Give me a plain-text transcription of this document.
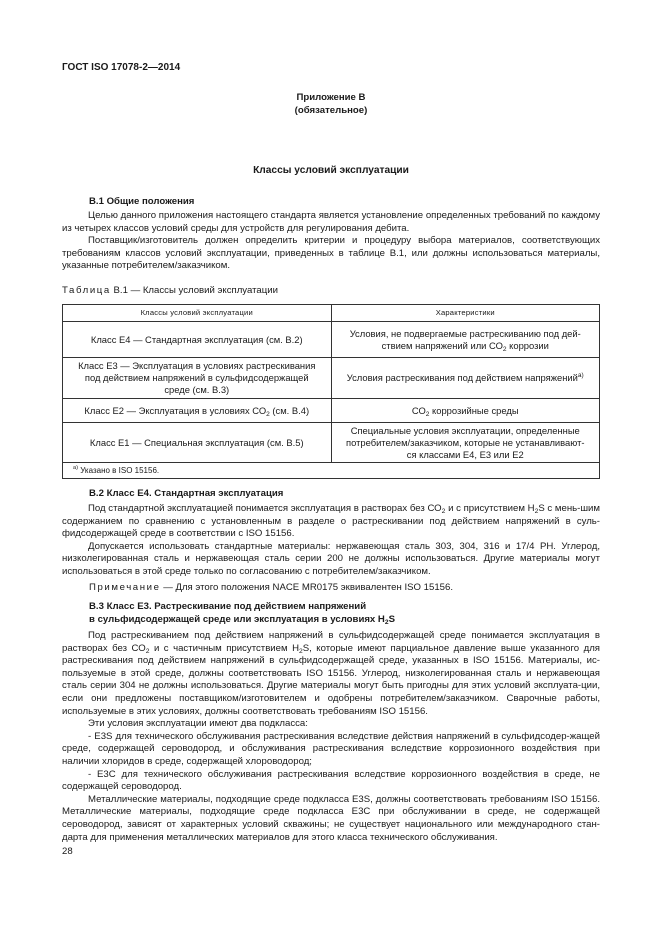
ГОСТ ISO 17078-2—2014
Приложение В
(обязательное)
Классы условий эксплуатации
В.1 Общие положения

Целью данного приложения настоящего стандарта является установление определенных требований по каждому из четырех классов условий среды для устройств для регулирования дебита.

Поставщик/изготовитель должен определить критерии и процедуру выбора материалов, соответствующих требованиям классов условий эксплуатации, приведенных в таблице В.1, или должны использоваться материалы, указанные потребителем/заказчиком.

Таблица В.1 — Классы условий эксплуатации
Классы условий эксплуатации	Характеристики
Класс Е4 — Стандартная эксплуатация (см. В.2)	Условия, не подвергаемые растрескиванию под дей-
ствием напряжений или $СО_2$ коррозии
Класс Е3 — Эксплуатация в условиях растрескивания
под действием напряжений в сульфидсодержащей
среде (см. В.3)	Условия растрескивания под действием напряжений$^{а)}$
Класс Е2 — Эксплуатация в условиях $СО_2$ (см. В.4)	$СО_2$ коррозийные среды
Класс Е1 — Специальная эксплуатация (см. В.5)	Специальные условия эксплуатации, определенные
потребителем/заказчиком, которые не устанавливают-
ся классами Е4, Е3 или Е2
$^{а)}$ Указано в ISO 15156.	
В.2 Класс Е4. Стандартная эксплуатация

Под стандартной эксплуатацией понимается эксплуатация в растворах без $СО_2$ и с присутствием $H_2S$ с мень-шим содержанием по сравнению с установленным в разделе о растрескивании под действием напряжений в суль-фидсодержащей среде в соответствии с ISO 15156.

Допускается использовать стандартные материалы: нержавеющая сталь 303, 304, 316 и 17/4 PH. Углерод, низколегированная сталь и нержавеющая сталь серии 200 не должны использоваться. Другие материалы могут использоваться в этой среде только по согласованию с потребителем/заказчиком.

Примечание — Для этого положения NACE MR0175 эквивалентен ISO 15156.
В.3 Класс Е3. Растрескивание под действием напряжений
в сульфидсодержащей среде или эксплуатация в условиях $H_2S$

Под растрескиванием под действием напряжений в сульфидсодержащей среде понимается эксплуатация в растворах без $СО_2$ и с частичным присутствием $H_2S$, которые имеют парциальное давление выше указанного для растрескивания под действием напряжений в сульфидсодержащей среде, указанных в ISO 15156. Материалы, ис-пользуемые в этой среде, должны соответствовать ISO 15156. Углерод, низколегированная сталь и нержавеющая сталь серии 304 не должны использоваться. Другие материалы могут быть пригодны для этих условий эксплуата-ции, если они предложены поставщиком/изготовителем и одобрены потребителем/заказчиком. Сварочные работы, используемые в этих условиях, должны соответствовать требованиям ISO 15156.

Эти условия эксплуатации имеют два подкласса:

- Е3S для технического обслуживания растрескивания вследствие действия напряжений в сульфидсодер-жащей среде, содержащей сероводород, и обслуживания растрескивания вследствие коррозионного воздействия при наличии хлоридов в среде, содержащей хлороводород;

- Е3С для технического обслуживания растрескивания вследствие коррозионного воздействия в среде, не содержащей сероводород.

Металлические материалы, подходящие среде подкласса Е3S, должны соответствовать требованиям ISO 15156. Металлические материалы, подходящие среде подкласса Е3С при обслуживании в среде, не содержащей сероводород, зависят от характерных условий скважины; не существует национального или международного стан-дарта для применения металлических материалов для этого класса технического обслуживания.

28
